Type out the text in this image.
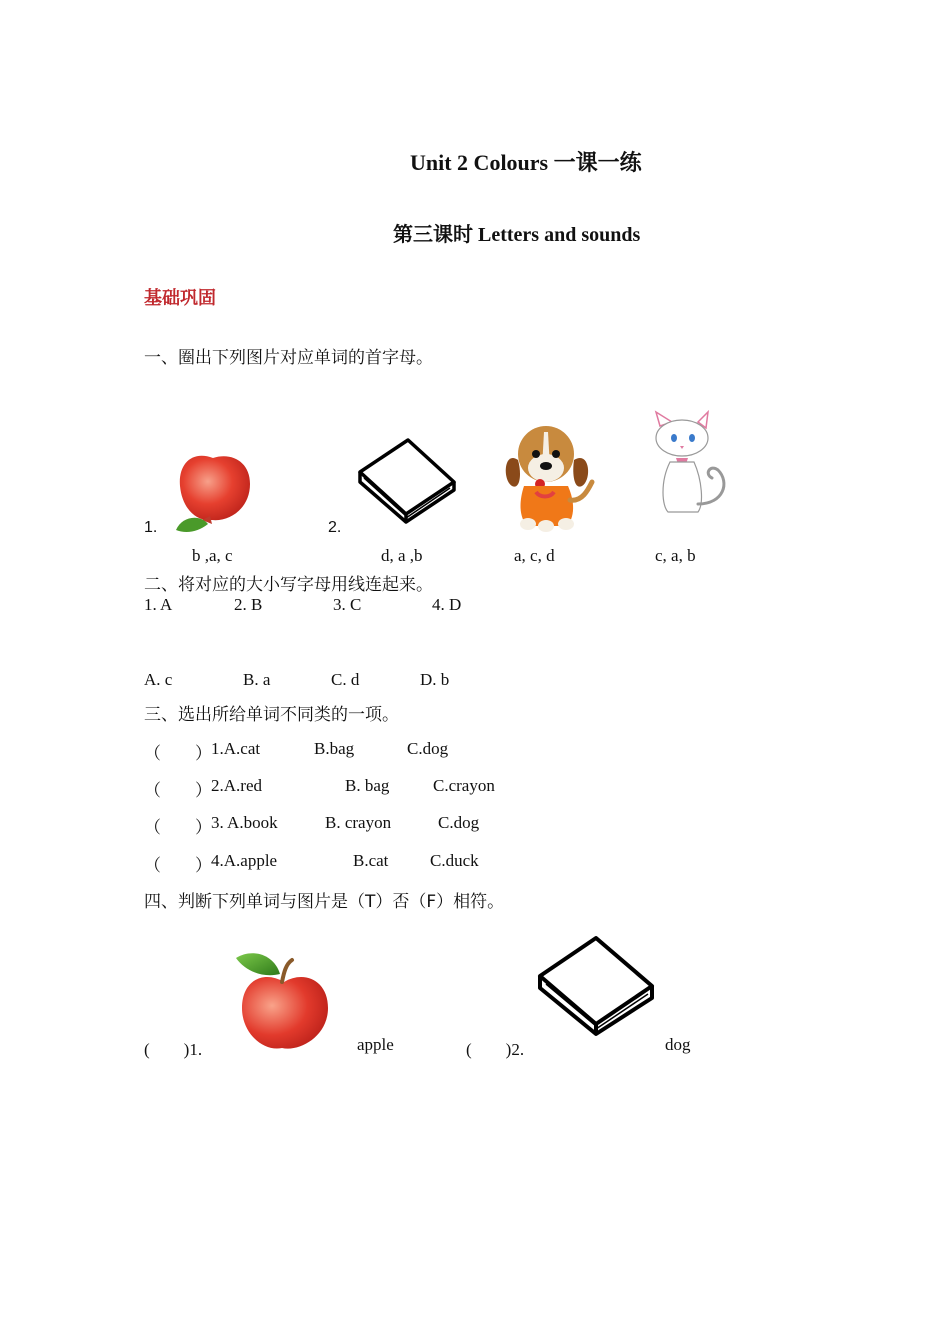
Unit 2 Colours 一课一练
第三课时 Letters and sounds
基础巩固
一、圈出下列图片对应单词的首字母。
1.	2.
b ,a, c	d, a ,b	a, c, d	c, a, b
二、将对应的大小写字母用线连起来。
1. A	2. B	3. C	4. D
A. c	B. a	C. d	D. b
三、选出所给单词不同类的一项。
（　　） 1.A.cat	B.bag	C.dog
（　　） 2.A.red	B. bag	C.crayon
（　　） 3. A.book	B. crayon	C.dog
（　　） 4.A.apple	B.cat C.duck
四、判断下列单词与图片是（T）否（F）相符。
(　　)1.	apple	(　　)2.	dog
